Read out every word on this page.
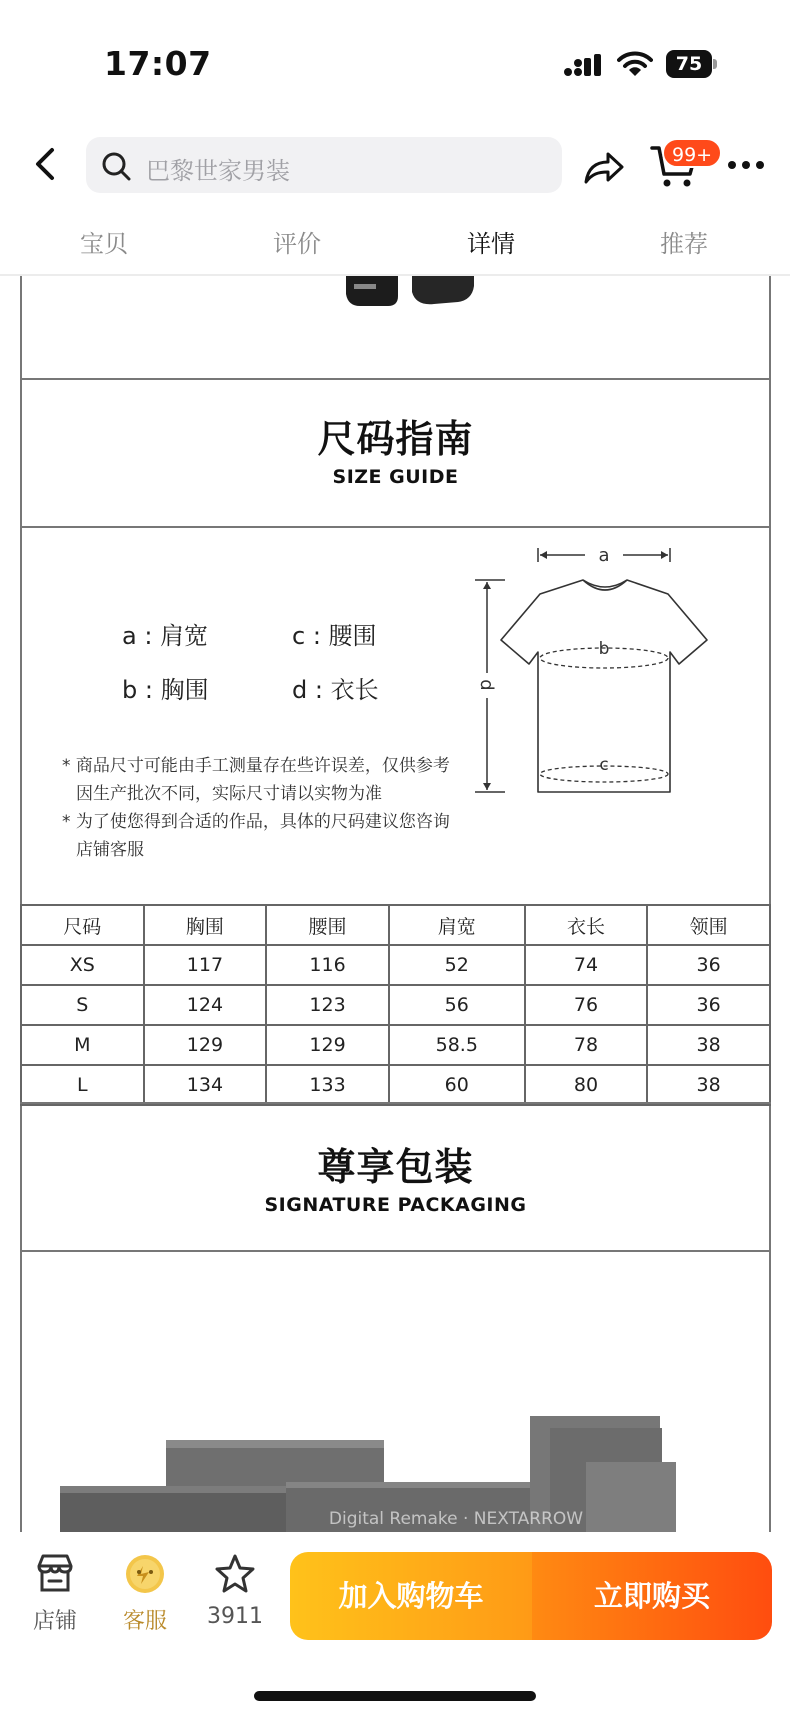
17:07	75
巴黎世家男装
99+
宝贝	评价	详情	推荐
尺码指南
SIZE GUIDE
a : 肩宽	c : 腰围
b : 胸围	d : 衣长
* 商品尺寸可能由手工测量存在些许误差，仅供参考
因生产批次不同，实际尺寸请以实物为准
* 为了使您得到合适的作品，具体的尺码建议您咨询
店铺客服
a
d
b
c
尺码	胸围	腰围	肩宽	衣长	领围
XS	117	116	52	74	36
S	124	123	56	76	36
M	129	129	58.5	78	38
L	134	133	60	80	38
尊享包装
SIGNATURE PACKAGING
Digital Remake · NEXTARROW
店铺	客服	3911
加入购物车	立即购买
